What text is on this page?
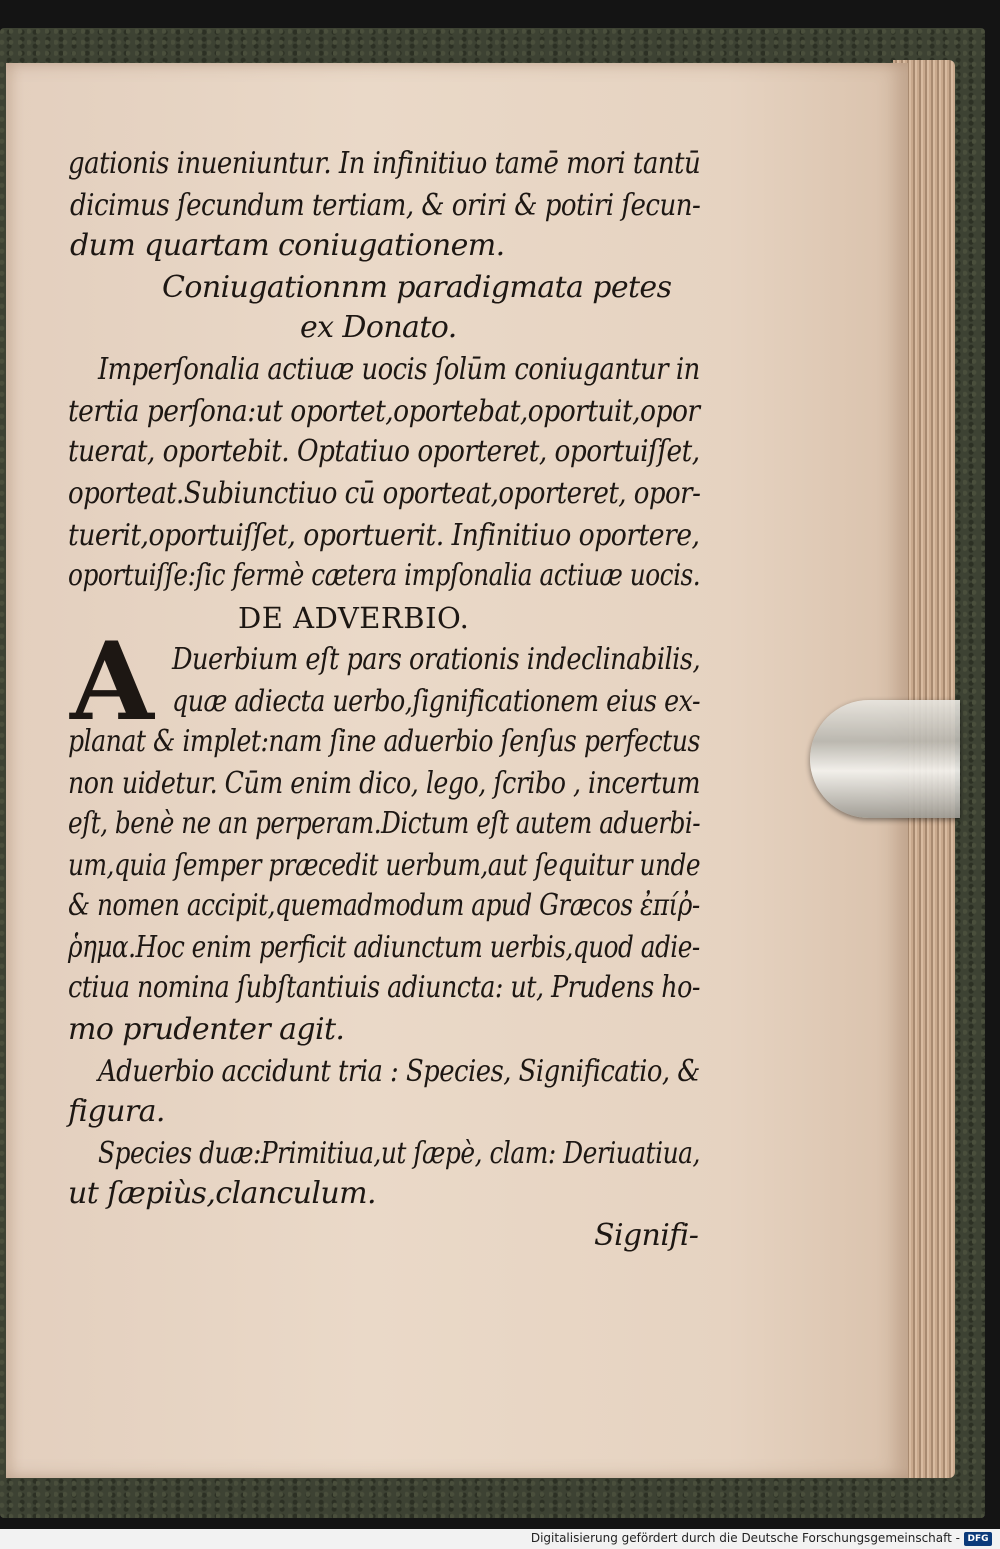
gationis inueniuntur. In infinitiuo tamē mori tantū
dicimus ſecundum tertiam, & oriri & potiri ſecun-
dum quartam coniugationem.
Coniugationnm paradigmata petes
ex Donato.
Imperſonalia actiuæ uocis ſolūm coniugantur in
tertia perſona:ut oportet,oportebat,oportuit,opor
tuerat, oportebit. Optatiuo oporteret, oportuiſſet,
oporteat.Subiunctiuo cū oporteat,oporteret, opor-
tuerit,oportuiſſet, oportuerit. Infinitiuo oportere,
oportuiſſe:ſic fermè cætera impſonalia actiuæ uocis.
DE ADVERBIO.
A Duerbium eſt pars orationis indeclinabilis,
quæ adiecta uerbo,ſignificationem eius ex-
planat & implet:nam ſine aduerbio ſenſus perfectus
non uidetur. Cūm enim dico, lego, ſcribo , incertum
eſt, benè ne an perperam.Dictum eſt autem aduerbi-
um,quia ſemper præcedit uerbum,aut ſequitur unde
& nomen accipit,quemadmodum apud Græcos ἐπίῤ-
ῥημα.Hoc enim perficit adiunctum uerbis,quod adie-
ctiua nomina ſubſtantiuis adiuncta: ut, Prudens ho-
mo prudenter agit.
Aduerbio accidunt tria : Species, Significatio, &
figura.
Species duæ:Primitiua,ut ſæpè, clam: Deriuatiua,
ut ſæpiùs,clanculum.
Signifi-
Digitalisierung gefördert durch die Deutsche Forschungsgemeinschaft - DFG
